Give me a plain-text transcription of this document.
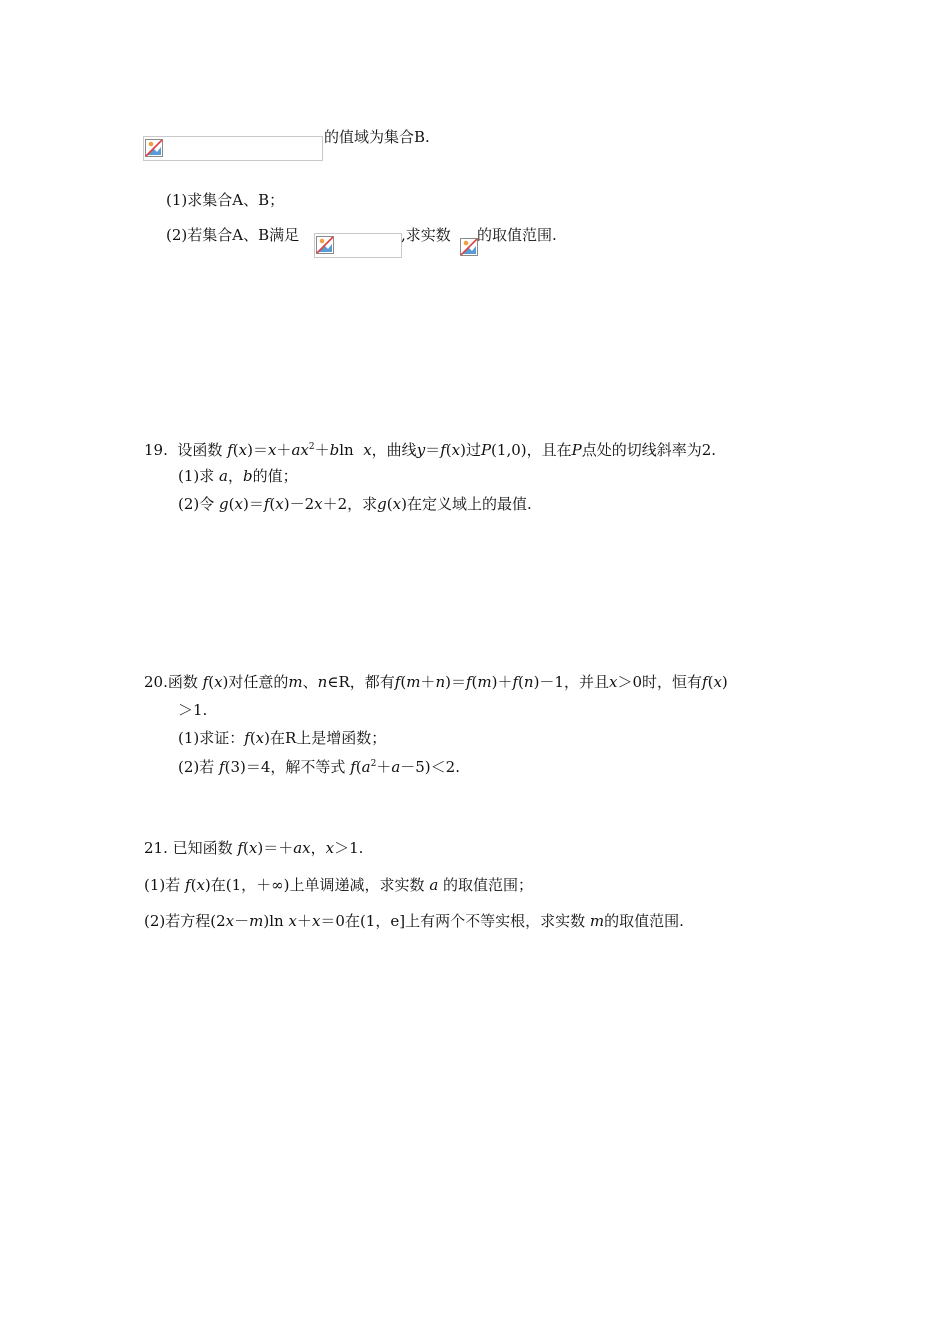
的值域为集合B.
(1)求集合A、B；
(2)若集合A、B满足	,求实数 的取值范围.
19. 设函数 $f(x)=x+ax^2+bln$  x，曲线y＝f(x)过P(1,0)，且在P点处的切线斜率为2.
(1)求 a，b的值；
(2)令 g(x)＝f(x)－2x＋2，求g(x)在定义域上的最值.
20.函数 f(x)对任意的m、n∈R，都有f(m＋n)＝f(m)＋f(n)－1，并且x＞0时，恒有f(x)
＞1.
(1)求证：f(x)在R上是增函数；
(2)若 f(3)＝4，解不等式 $f(a^2+a-5)<2$.
21. 已知函数 f(x)＝＋ax，x＞1.
(1)若 f(x)在(1，＋∞)上单调递减，求实数 a 的取值范围；
(2)若方程(2x－m)ln x＋x＝0在(1，e]上有两个不等实根，求实数 m的取值范围.
